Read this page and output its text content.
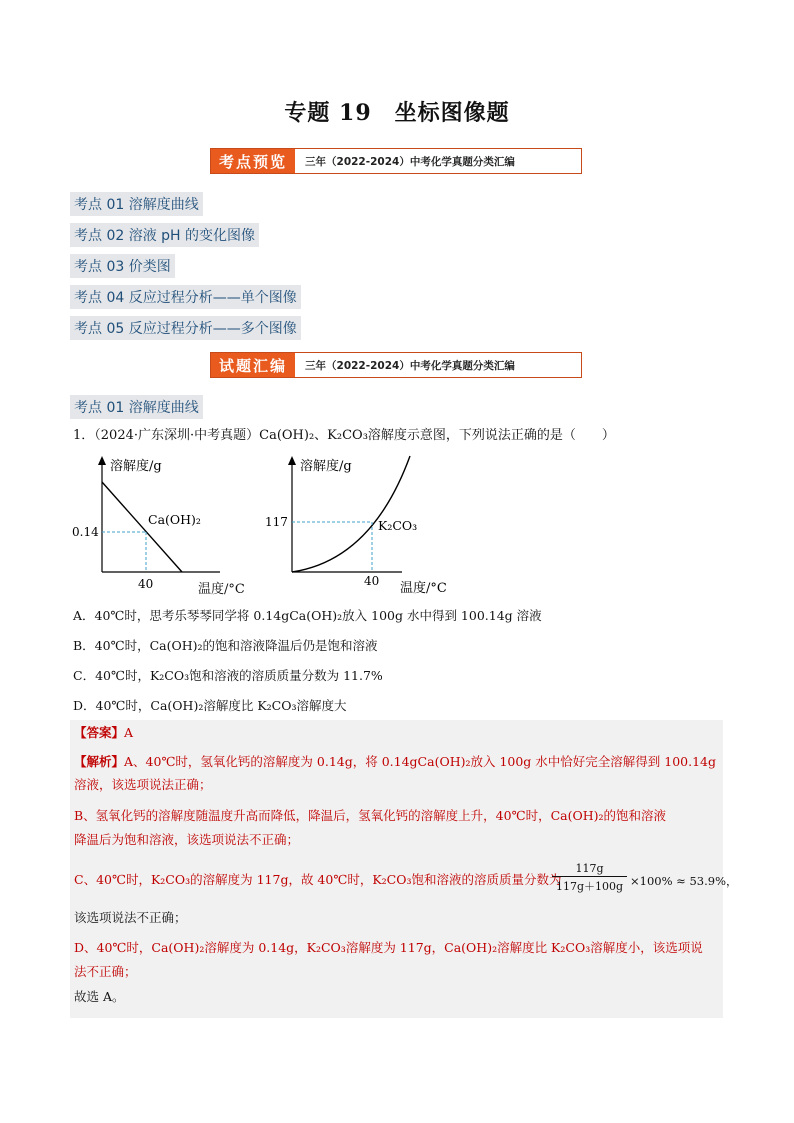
专题 19　坐标图像题
考点预览	三年（2022-2024）中考化学真题分类汇编
考点 01 溶解度曲线
考点 02 溶液 pH 的变化图像
考点 03 价类图
考点 04 反应过程分析——单个图像
考点 05 反应过程分析——多个图像
试题汇编	三年（2022-2024）中考化学真题分类汇编
考点 01 溶解度曲线
1．（2024·广东深圳·中考真题）Ca(OH)₂、K₂CO₃溶解度示意图，下列说法正确的是（　　）
溶解度/g
Ca(OH)₂
0.14
40
溶解度/g
K₂CO₃
117
40 温度/°C
温度/°C
A．40℃时，思考乐琴琴同学将 0.14gCa(OH)₂放入 100g 水中得到 100.14g 溶液
B．40℃时，Ca(OH)₂的饱和溶液降温后仍是饱和溶液
C．40℃时，K₂CO₃饱和溶液的溶质质量分数为 11.7%
D．40℃时，Ca(OH)₂溶解度比 K₂CO₃溶解度大
【答案】A
【解析】A、40℃时，氢氧化钙的溶解度为 0.14g，将 0.14gCa(OH)₂放入 100g 水中恰好完全溶解得到 100.14g
溶液，该选项说法正确；
B、氢氧化钙的溶解度随温度升高而降低，降温后，氢氧化钙的溶解度上升，40℃时，Ca(OH)₂的饱和溶液
降温后为饱和溶液，该选项说法不正确；
C、40℃时，K₂CO₃的溶解度为 117g，故 40℃时，K₂CO₃饱和溶液的溶质质量分数为
117g
117g＋100g ×100% ≈ 53.9%，
该选项说法不正确；
D、40℃时，Ca(OH)₂溶解度为 0.14g，K₂CO₃溶解度为 117g，Ca(OH)₂溶解度比 K₂CO₃溶解度小，该选项说
法不正确；
故选 A。
